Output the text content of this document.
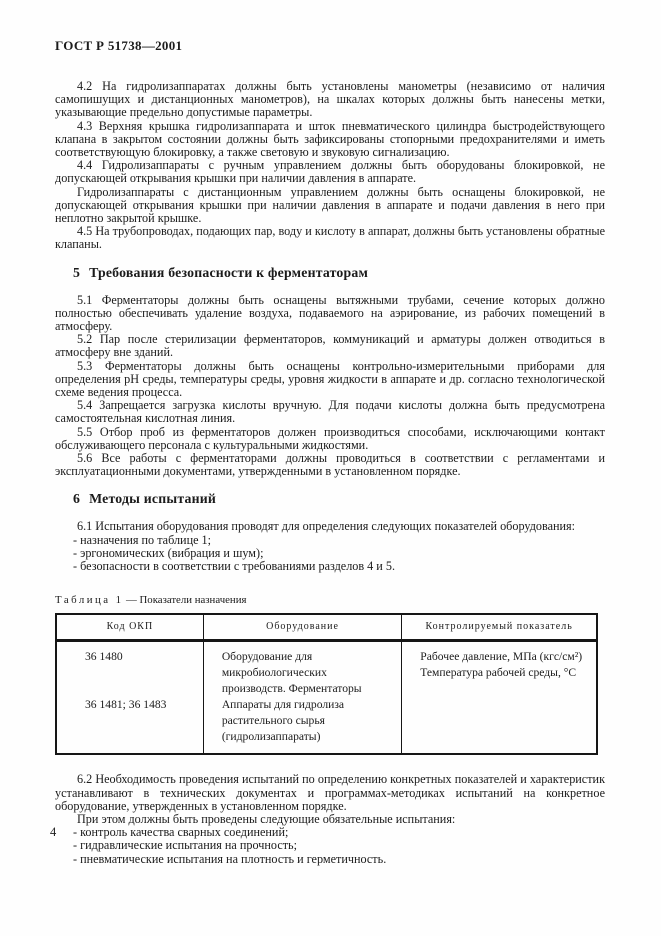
ГОСТ Р 51738—2001

4.2 На гидролизаппаратах должны быть установлены манометры (независимо от наличия самопишущих и дистанционных манометров), на шкалах которых должны быть нанесены метки, указывающие предельно допустимые параметры.

4.3 Верхняя крышка гидролизаппарата и шток пневматического цилиндра быстродействующего клапана в закрытом состоянии должны быть зафиксированы стопорными предохранителями и иметь соответствующую блокировку, а также световую и звуковую сигнализацию.

4.4 Гидролизаппараты с ручным управлением должны быть оборудованы блокировкой, не допускающей открывания крышки при наличии давления в аппарате.

Гидролизаппараты с дистанционным управлением должны быть оснащены блокировкой, не допускающей открывания крышки при наличии давления в аппарате и подачи давления в него при неплотно закрытой крышке.

4.5 На трубопроводах, подающих пар, воду и кислоту в аппарат, должны быть установлены обратные клапаны.

5 Требования безопасности к ферментаторам

5.1 Ферментаторы должны быть оснащены вытяжными трубами, сечение которых должно полностью обеспечивать удаление воздуха, подаваемого на аэрирование, из рабочих помещений в атмосферу.

5.2 Пар после стерилизации ферментаторов, коммуникаций и арматуры должен отводиться в атмосферу вне зданий.

5.3 Ферментаторы должны быть оснащены контрольно-измерительными приборами для определения pH среды, температуры среды, уровня жидкости в аппарате и др. согласно технологической схеме ведения процесса.

5.4 Запрещается загрузка кислоты вручную. Для подачи кислоты должна быть предусмотрена самостоятельная кислотная линия.

5.5 Отбор проб из ферментаторов должен производиться способами, исключающими контакт обслуживающего персонала с культуральными жидкостями.

5.6 Все работы с ферментаторами должны проводиться в соответствии с регламентами и эксплуатационными документами, утвержденными в установленном порядке.

6 Методы испытаний

6.1 Испытания оборудования проводят для определения следующих показателей оборудования:

- назначения по таблице 1;

- эргономических (вибрация и шум);

- безопасности в соответствии с требованиями разделов 4 и 5.

Таблица 1 — Показатели назначения
Код ОКП	Оборудование	Контролируемый показатель
36 1480	Оборудование для микробиологических производств. Ферментаторы	Рабочее давление, МПа (кгс/см²)
Температура рабочей среды, °С

36 1481; 36 1483	Аппараты для гидролиза растительного сырья (гидролизаппараты)	

6.2 Необходимость проведения испытаний по определению конкретных показателей и характеристик устанавливают в технических документах и программах-методиках испытаний на конкретное оборудование, утвержденных в установленном порядке.

При этом должны быть проведены следующие обязательные испытания:

- контроль качества сварных соединений;

- гидравлические испытания на прочность;

- пневматические испытания на плотность и герметичность.

4
